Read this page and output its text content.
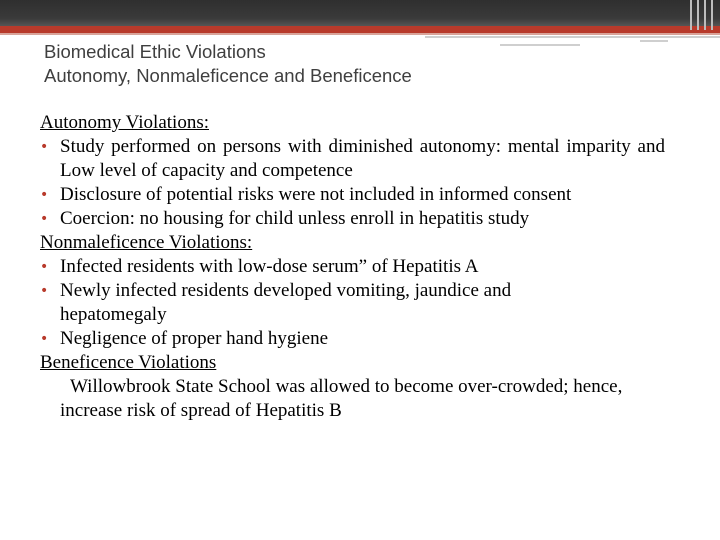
Biomedical Ethic Violations
Autonomy, Nonmaleficence and Beneficence
Autonomy Violations:
• Study performed on persons with diminished autonomy: mental imparity and Low level of capacity and competence
• Disclosure of potential risks were not included in informed consent
• Coercion: no housing for child unless enroll in hepatitis study
Nonmaleficence Violations:
• Infected residents with low-dose serum” of Hepatitis A
• Newly infected residents developed vomiting, jaundice and hepatomegaly
• Negligence of proper hand hygiene
Beneficence Violations
Willowbrook State School was allowed to become over-crowded; hence, increase risk of spread of Hepatitis B
